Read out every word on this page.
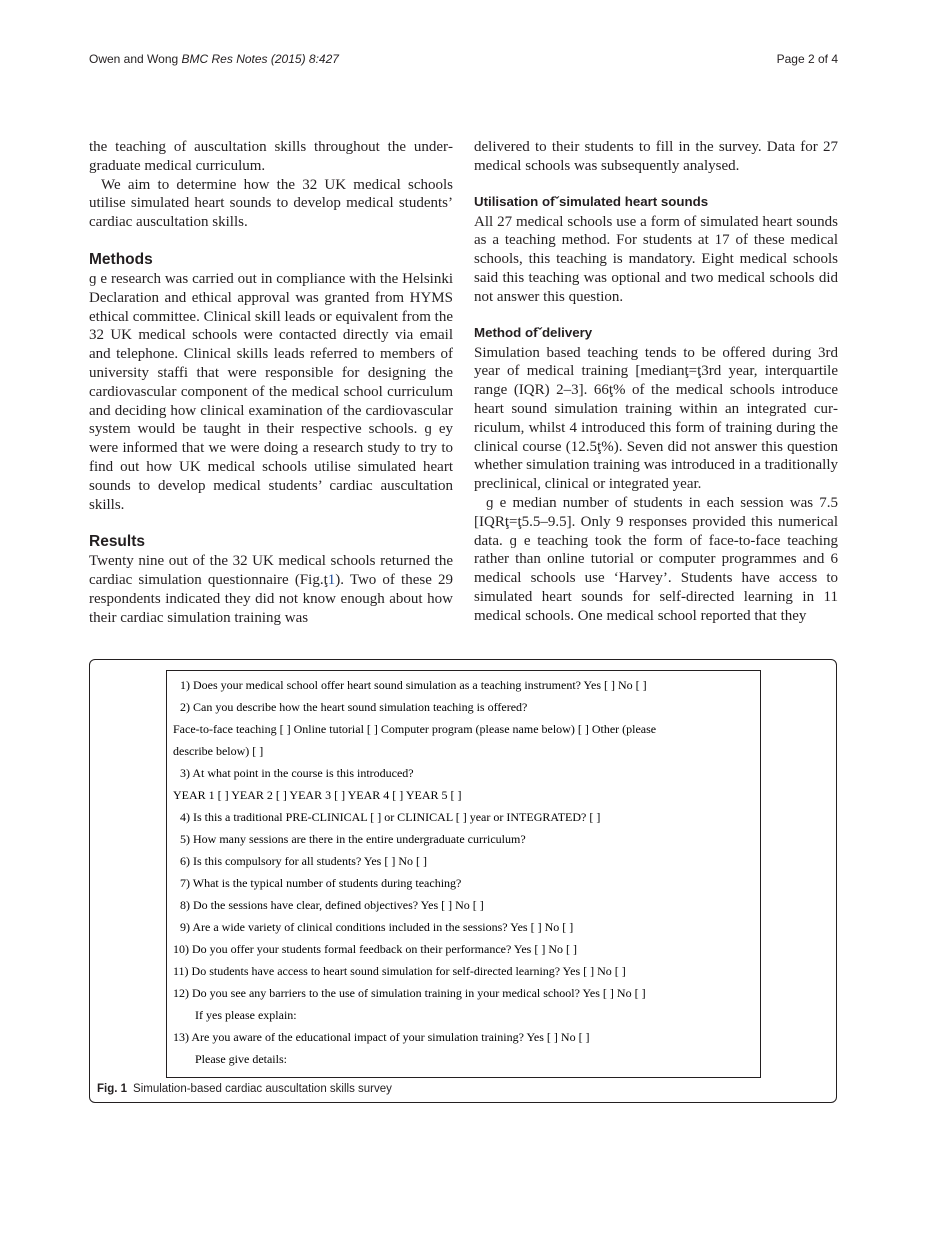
Owen and Wong BMC Res Notes (2015) 8:427	Page 2 of 4

the teaching of auscultation skills throughout the undergraduate medical curriculum.

We aim to determine how the 32 UK medical schools utilise simulated heart sounds to develop medical students’ cardiac auscultation skills.

Methods

ɡ e research was carried out in compliance with the Helsinki Declaration and ethical approval was granted from HYMS ethical committee. Clinical skill leads or equivalent from the 32 UK medical schools were contacted directly via email and telephone. Clinical skills leads referred to members of university staffi that were responsible for designing the cardiovascular component of the medical school curriculum and deciding how clinical examination of the cardiovascular system would be taught in their respective schools. ɡ ey were informed that we were doing a research study to try to find out how UK medical schools utilise simulated heart sounds to develop medical students’ cardiac auscultation skills.

Results

Twenty nine out of the 32 UK medical schools returned the cardiac simulation questionnaire (Fig.ţ1). Two of these 29 respondents indicated they did not know enough about how their cardiac simulation training was

delivered to their students to fill in the survey. Data for 27 medical schools was subsequently analysed.

Utilisation ofˇsimulated heart sounds

All 27 medical schools use a form of simulated heart sounds as a teaching method. For students at 17 of these medical schools, this teaching is mandatory. Eight medical schools said this teaching was optional and two medical schools did not answer this question.

Method ofˇdelivery

Simulation based teaching tends to be offered during 3rd year of medical training [medianţ=ţ3rd year, interquartile range (IQR) 2–3]. 66ţ% of the medical schools introduce heart sound simulation training within an integrated curriculum, whilst 4 introduced this form of training during the clinical course (12.5ţ%). Seven did not answer this question whether simulation training was introduced in a traditionally preclinical, clinical or integrated year.

ɡ e median number of students in each session was 7.5 [IQRţ=ţ5.5–9.5]. Only 9 responses provided this numerical data. ɡ e teaching took the form of face-to-face teaching rather than online tutorial or computer programmes and 6 medical schools use ‘Harvey’. Students have access to simulated heart sounds for self-directed learning in 11 medical schools. One medical school reported that they

1) Does your medical school offer heart sound simulation as a teaching instrument? Yes [ ] No [ ]
2) Can you describe how the heart sound simulation teaching is offered?
Face-to-face teaching [ ] Online tutorial [ ] Computer program (please name below) [ ] Other (please
describe below) [ ]
3) At what point in the course is this introduced?
YEAR 1 [ ] YEAR 2 [ ] YEAR 3 [ ] YEAR 4 [ ] YEAR 5 [ ]
4) Is this a traditional PRE-CLINICAL [ ] or CLINICAL [ ] year or INTEGRATED? [ ]
5) How many sessions are there in the entire undergraduate curriculum?
6) Is this compulsory for all students? Yes [ ] No [ ]
7) What is the typical number of students during teaching?
8) Do the sessions have clear, defined objectives? Yes [ ] No [ ]
9) Are a wide variety of clinical conditions included in the sessions? Yes [ ] No [ ]
10) Do you offer your students formal feedback on their performance? Yes [ ] No [ ]
11) Do students have access to heart sound simulation for self-directed learning? Yes [ ] No [ ]
12) Do you see any barriers to the use of simulation training in your medical school? Yes [ ] No [ ]
If yes please explain:
13) Are you aware of the educational impact of your simulation training? Yes [ ] No [ ]
Please give details:
Fig. 1 Simulation-based cardiac auscultation skills survey
